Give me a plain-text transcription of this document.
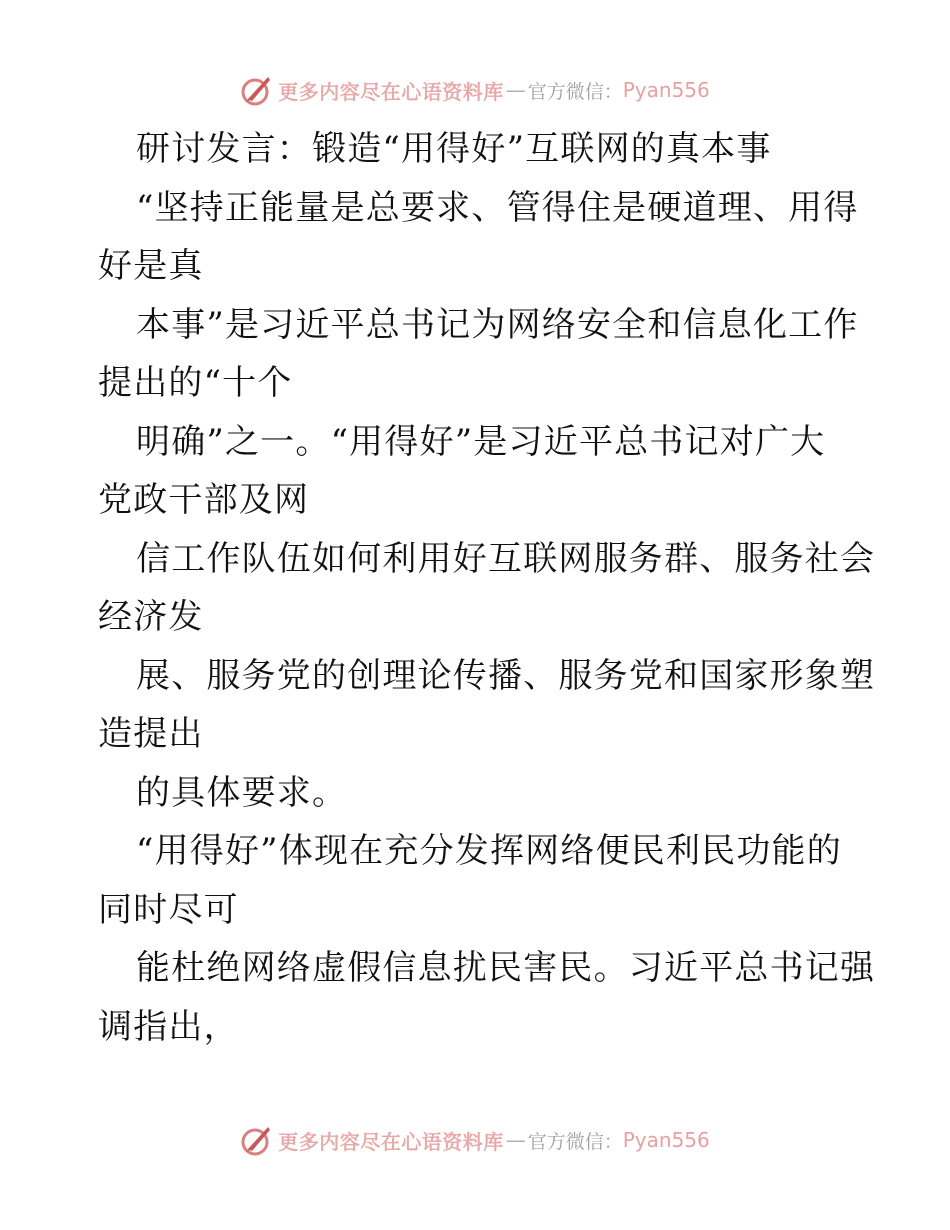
更多内容尽在心语资料库 — 官方微信： Pyan556
研讨发言：锻造“用得好”互联网的真本事
“坚持正能量是总要求、管得住是硬道理、用得
好是真
本事”是习近平总书记为网络安全和信息化工作
提出的“十个
明确”之一。“用得好”是习近平总书记对广大
党政干部及网
信工作队伍如何利用好互联网服务群、服务社会
经济发
展、服务党的创理论传播、服务党和国家形象塑
造提出
的具体要求。
“用得好”体现在充分发挥网络便民利民功能的
同时尽可
能杜绝网络虚假信息扰民害民。习近平总书记强
调指出，
更多内容尽在心语资料库 — 官方微信： Pyan556
